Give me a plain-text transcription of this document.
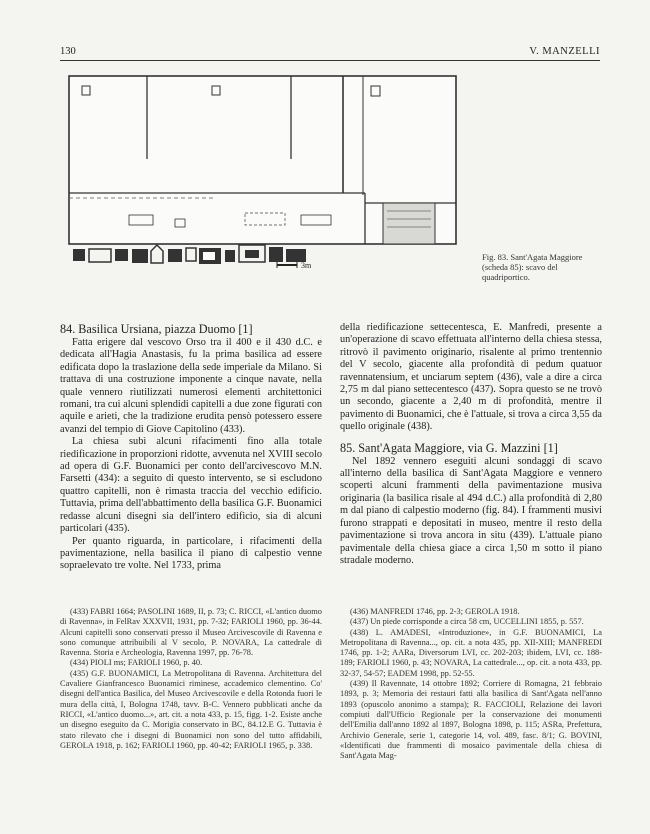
130	V. MANZELLI
3m
Fig. 83. Sant'Agata Maggiore (scheda 85): scavo del quadriportico.
84. Basilica Ursiana, piazza Duomo [1]

Fatta erigere dal vescovo Orso tra il 400 e il 430 d.C. e dedicata all'Hagia Anastasis, fu la prima basilica ad essere edificata dopo la traslazione della sede imperiale da Milano. Si trattava di una costruzione imponente a cinque navate, nella quale vennero riutilizzati numerosi elementi architettonici romani, tra cui alcuni splendidi capitelli a due zone figurati con aquile e arieti, che la tradizione erudita pensò potessero essere avanzi del tempio di Giove Capitolino (433).

La chiesa subì alcuni rifacimenti fino alla totale riedificazione in proporzioni ridotte, avvenuta nel XVIII secolo ad opera di G.F. Buonamici per conto dell'arcivescovo M.N. Farsetti (434): a seguito di questo intervento, se si escludono quattro capitelli, non è rimasta traccia del vecchio edificio. Tuttavia, prima dell'abbattimento della basilica G.F. Buonamici redasse alcuni disegni sia dell'intero edificio, sia di alcuni particolari (435).

Per quanto riguarda, in particolare, i rifacimenti della pavimentazione, nella basilica il piano di calpestio venne sopraelevato tre volte. Nel 1733, prima

della riedificazione settecentesca, E. Manfredi, presente a un'operazione di scavo effettuata all'interno della chiesa stessa, ritrovò il pavimento originario, risalente al primo trentennio del V secolo, giacente alla profondità di pedum quatuor ravennatensium, et unciarum septem (436), vale a dire a circa 2,75 m dal piano settecentesco (437). Sopra questo se ne trovò un secondo, giacente a 2,40 m di profondità, mentre il pavimento di Buonamici, che è l'attuale, si trova a circa 3,55 da quello originale (438).

85. Sant'Agata Maggiore, via G. Mazzini [1]

Nel 1892 vennero eseguiti alcuni sondaggi di scavo all'interno della basilica di Sant'Agata Maggiore e vennero scoperti alcuni frammenti della pavimentazione musiva originaria (la basilica risale al 494 d.C.) alla profondità di 2,80 m dal piano di calpestio moderno (fig. 84). I frammenti musivi furono strappati e depositati in museo, mentre il resto della pavimentazione si trova ancora in situ (439). L'attuale piano pavimentale della chiesa giace a circa 1,50 m sotto il piano stradale moderno.

(433) FABRI 1664; PASOLINI 1689, II, p. 73; C. RICCI, «L'antico duomo di Ravenna», in FelRav XXXVII, 1931, pp. 7-32; FARIOLI 1960, pp. 36-44. Alcuni capitelli sono conservati presso il Museo Arcivescovile di Ravenna e sono comunque attribuibili al V secolo, P. NOVARA, La cattedrale di Ravenna. Storia e Archeologia, Ravenna 1997, pp. 76-78.

(434) PIOLI ms; FARIOLI 1960, p. 40.

(435) G.F. BUONAMICI, La Metropolitana di Ravenna. Architettura del Cavaliere Gianfrancesco Buonamici riminese, accademico clementino. Co' disegni dell'antica Basilica, del Museo Arcivescovile e della Rotonda fuori le mura della città, I, Bologna 1748, tavv. B-C. Vennero pubblicati anche da RICCI, «L'antico duomo...», art. cit. a nota 433, p. 15, figg. 1-2. Esiste anche un disegno eseguito da C. Morigia conservato in BC, 84.12.E G. Tuttavia è stato rilevato che i disegni di Buonamici non sono del tutto affidabili, GEROLA 1918, p. 162; FARIOLI 1960, pp. 40-42; FARIOLI 1965, p. 338.

(436) MANFREDI 1746, pp. 2-3; GEROLA 1918.

(437) Un piede corrisponde a circa 58 cm, UCCELLINI 1855, p. 557.

(438) L. AMADESI, «Introduzione», in G.F. BUONAMICI, La Metropolitana di Ravenna..., op. cit. a nota 435, pp. XII-XIII; MANFREDI 1746, pp. 1-2; AARa, Diversorum LVI, cc. 202-203; ibidem, LVI, cc. 188-189; FARIOLI 1960, p. 43; NOVARA, La cattedrale..., op. cit. a nota 433, pp. 32-37, 54-57; EADEM 1998, pp. 52-55.

(439) Il Ravennate, 14 ottobre 1892; Corriere di Romagna, 21 febbraio 1893, p. 3; Memoria dei restauri fatti alla basilica di Sant'Agata nell'anno 1893 (opuscolo anonimo a stampa); R. FACCIOLI, Relazione dei lavori compiuti dall'Ufficio Regionale per la conservazione dei monumenti dell'Emilia dall'anno 1892 al 1897, Bologna 1898, p. 115; ASRa, Prefettura, Archivio Generale, serie 1, categorie 14, vol. 489, fasc. 8/1; G. BOVINI, «Identificati due frammenti di mosaico pavimentale della chiesa di Sant'Agata Mag-
